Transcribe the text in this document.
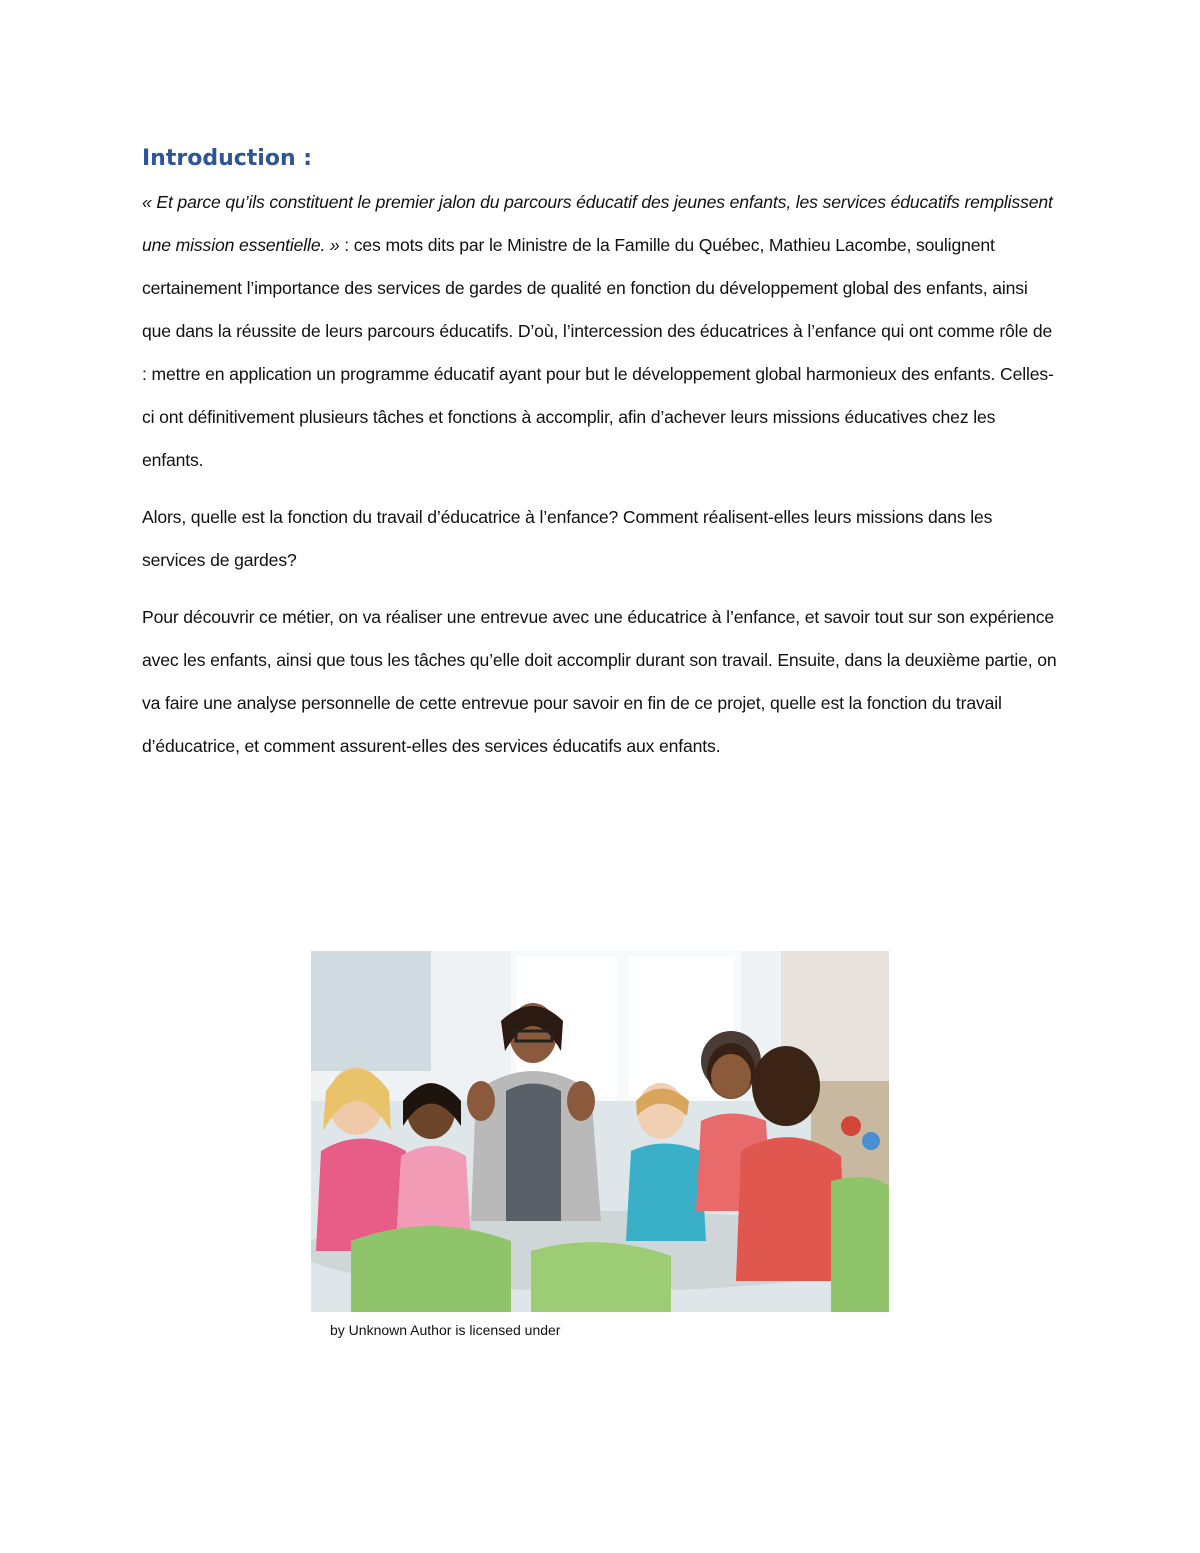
Introduction :

« Et parce qu’ils constituent le premier jalon du parcours éducatif des jeunes enfants, les services éducatifs remplissent une mission essentielle. » : ces mots dits par le Ministre de la Famille du Québec, Mathieu Lacombe, soulignent certainement l’importance des services de gardes de qualité en fonction du développement global des enfants, ainsi que dans la réussite de leurs parcours éducatifs. D’où, l’intercession des éducatrices à l’enfance qui ont comme rôle de : mettre en application un programme éducatif ayant pour but le développement global harmonieux des enfants. Celles-ci ont définitivement plusieurs tâches et fonctions à accomplir, afin d’achever leurs missions éducatives chez les enfants.

Alors, quelle est la fonction du travail d’éducatrice à l’enfance? Comment réalisent-elles leurs missions dans les services de gardes?

Pour découvrir ce métier, on va réaliser une entrevue avec une éducatrice à l’enfance, et savoir tout sur son expérience avec les enfants, ainsi que tous les tâches qu’elle doit accomplir durant son travail. Ensuite, dans la deuxième partie, on va faire une analyse personnelle de cette entrevue pour savoir en fin de ce projet, quelle est la fonction du travail d’éducatrice, et comment assurent-elles des services éducatifs aux enfants.

by Unknown Author is licensed under
